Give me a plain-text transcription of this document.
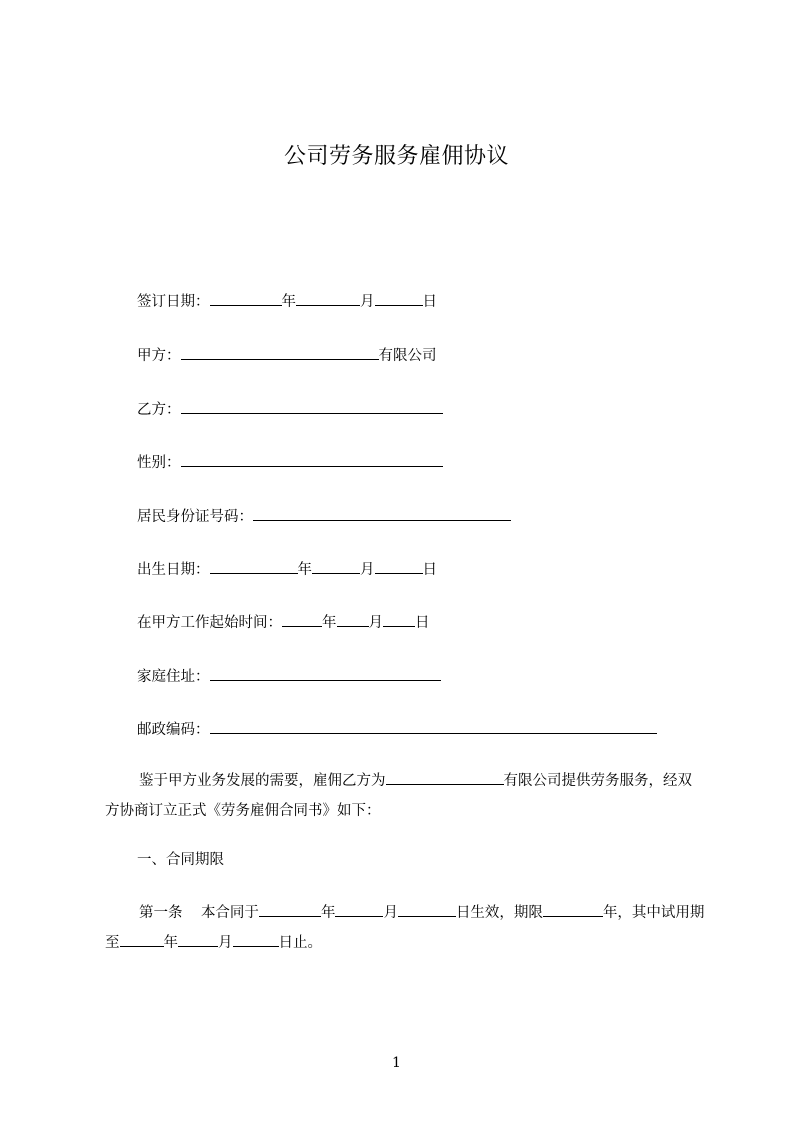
公司劳务服务雇佣协议
签订日期：	年	月	日
甲方：	有限公司
乙方：
性别：
居民身份证号码：
出生日期：	年	月	日
在甲方工作起始时间：	年 月 日
家庭住址：
邮政编码：
鉴于甲方业务发展的需要，雇佣乙方为	有限公司提供劳务服务，经双方协商订立正式《劳务雇佣合同书》如下：
一、合同期限
第一条 本合同于	年	月	日生效，期限	年，其中试用期至	年	月	日止。
1
